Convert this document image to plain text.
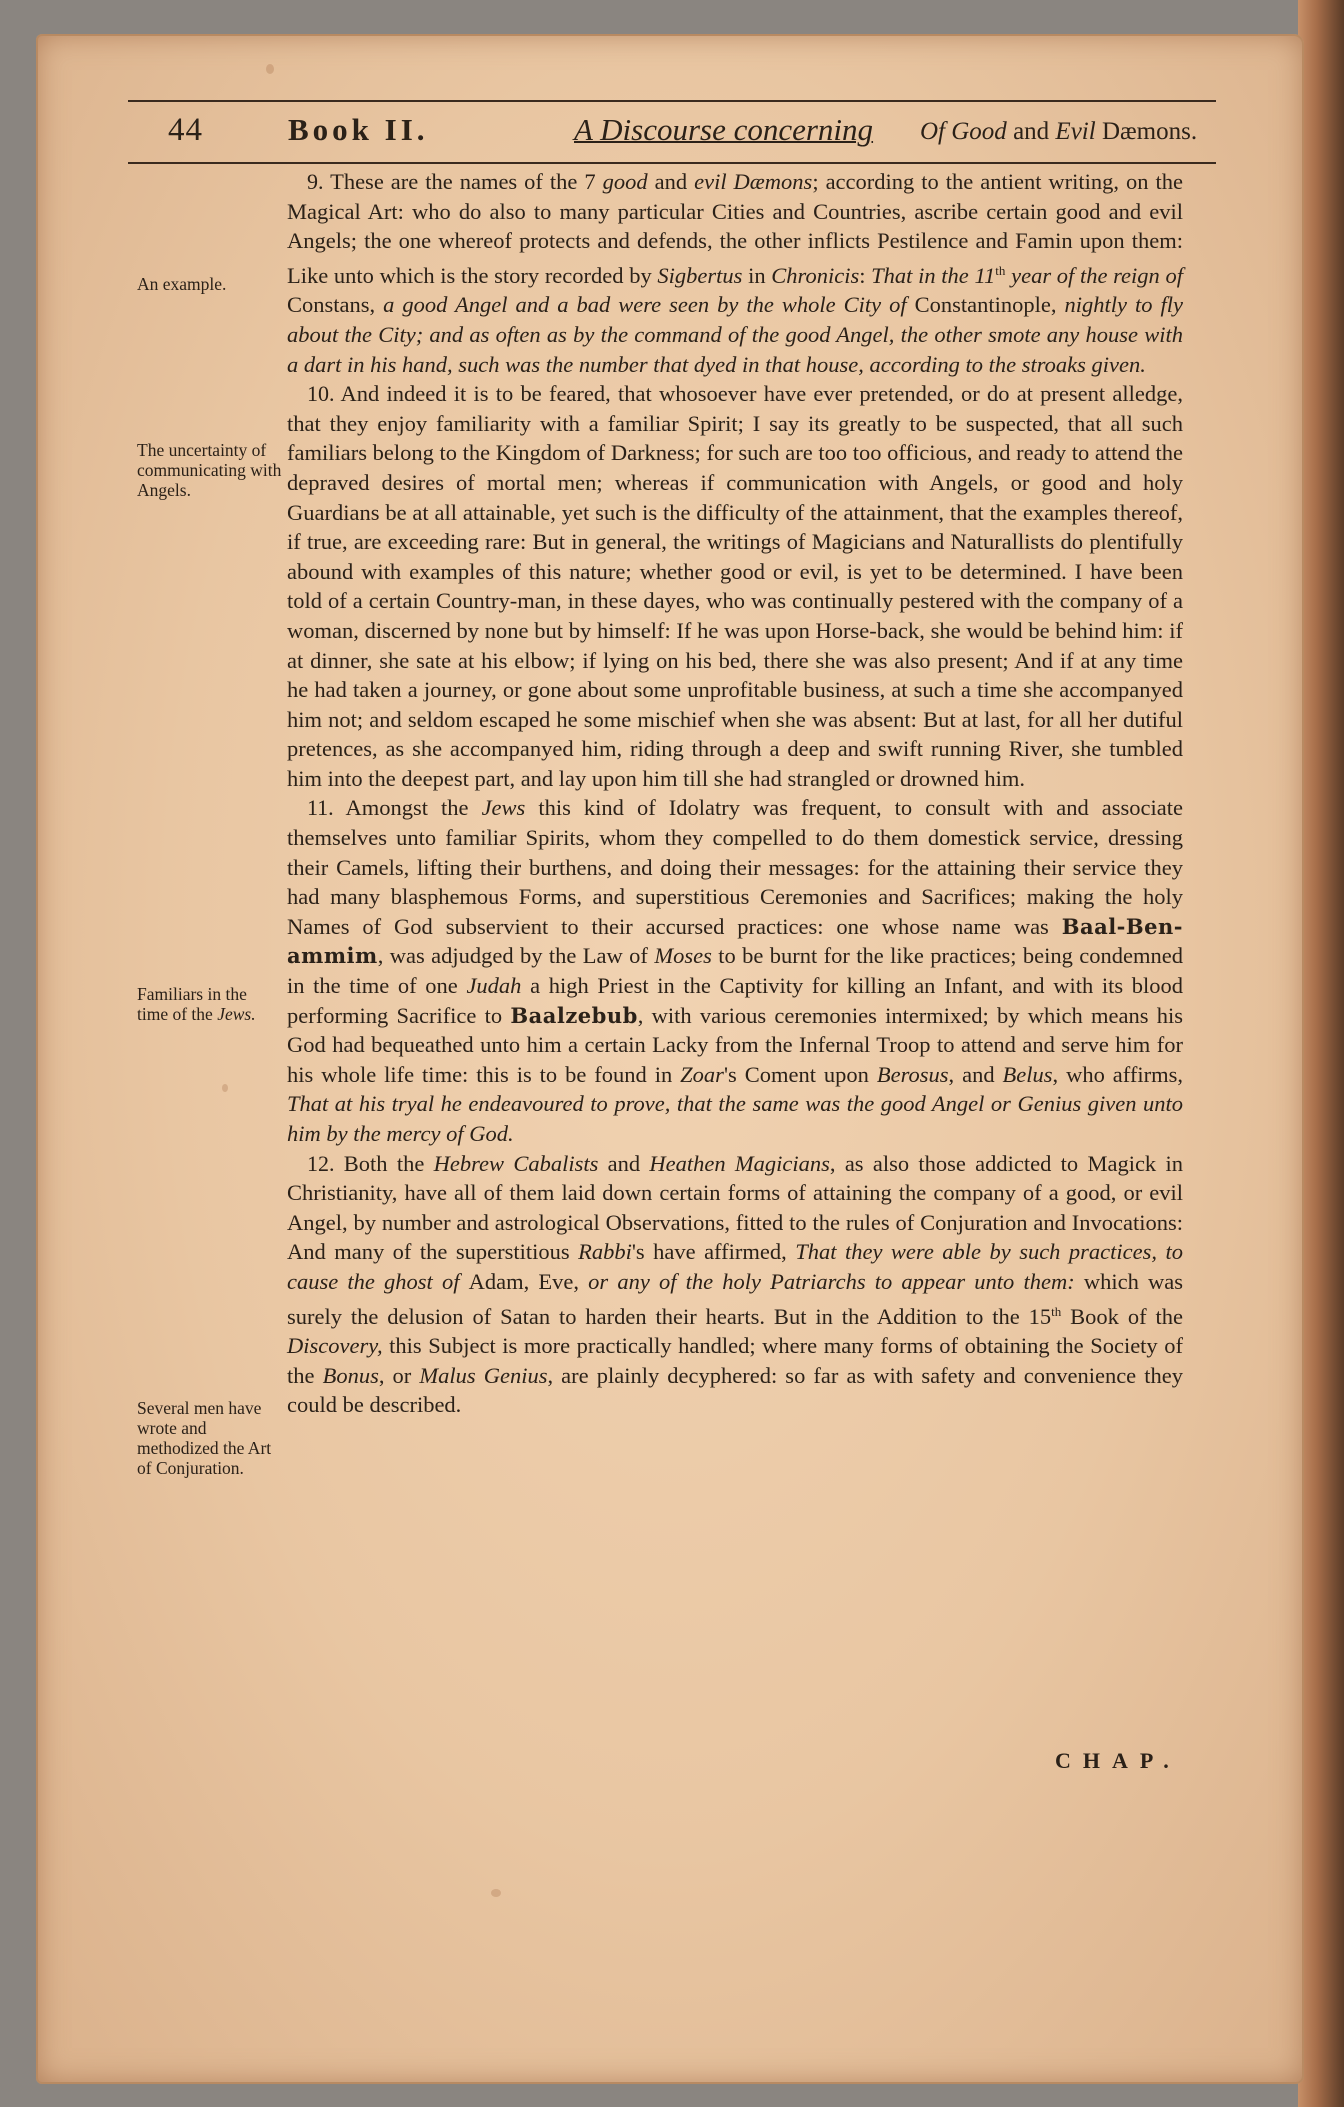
44	Book II.	A Discourse concerning Of Good and Evil Dæmons.
An example.
The uncertainty of communicating with Angels.
Familiars in the time of the Jews.
Several men have wrote and methodized the Art of Conjuration.

9. These are the names of the 7 good and evil Dæmons; according to the antient writing, on the Magical Art: who do also to many particular Cities and Countries, ascribe certain good and evil Angels; the one whereof protects and defends, the other inflicts Pestilence and Famin upon them: Like unto which is the story recorded by Sigbertus in Chronicis: That in the 11th year of the reign of Constans, a good Angel and a bad were seen by the whole City of Constantinople, nightly to fly about the City; and as often as by the command of the good Angel, the other smote any house with a dart in his hand, such was the number that dyed in that house, according to the stroaks given.

10. And indeed it is to be feared, that whosoever have ever pretended, or do at present alledge, that they enjoy familiarity with a familiar Spirit; I say its greatly to be suspected, that all such familiars belong to the Kingdom of Darkness; for such are too too officious, and ready to attend the depraved desires of mortal men; whereas if communication with Angels, or good and holy Guardians be at all attainable, yet such is the difficulty of the attainment, that the examples thereof, if true, are exceeding rare: But in general, the writings of Magicians and Naturallists do plentifully abound with examples of this nature; whether good or evil, is yet to be determined. I have been told of a certain Country-man, in these dayes, who was continually pestered with the company of a woman, discerned by none but by himself: If he was upon Horse-back, she would be behind him: if at dinner, she sate at his elbow; if lying on his bed, there she was also present; And if at any time he had taken a journey, or gone about some unprofitable business, at such a time she accompanyed him not; and seldom escaped he some mischief when she was absent: But at last, for all her dutiful pretences, as she accompanyed him, riding through a deep and swift running River, she tumbled him into the deepest part, and lay upon him till she had strangled or drowned him.

11. Amongst the Jews this kind of Idolatry was frequent, to consult with and associate themselves unto familiar Spirits, whom they compelled to do them domestick service, dressing their Camels, lifting their burthens, and doing their messages: for the attaining their service they had many blasphemous Forms, and superstitious Ceremonies and Sacrifices; making the holy Names of God subservient to their accursed practices: one whose name was Baal-Ben-ammim, was adjudged by the Law of Moses to be burnt for the like practices; being condemned in the time of one Judah a high Priest in the Captivity for killing an Infant, and with its blood performing Sacrifice to Baalzebub, with various ceremonies intermixed; by which means his God had bequeathed unto him a certain Lacky from the Infernal Troop to attend and serve him for his whole life time: this is to be found in Zoar's Coment upon Berosus, and Belus, who affirms, That at his tryal he endeavoured to prove, that the same was the good Angel or Genius given unto him by the mercy of God.

12. Both the Hebrew Cabalists and Heathen Magicians, as also those addicted to Magick in Christianity, have all of them laid down certain forms of attaining the company of a good, or evil Angel, by number and astrological Observations, fitted to the rules of Conjuration and Invocations: And many of the superstitious Rabbi's have affirmed, That they were able by such practices, to cause the ghost of Adam, Eve, or any of the holy Patriarchs to appear unto them: which was surely the delusion of Satan to harden their hearts. But in the Addition to the 15th Book of the Discovery, this Subject is more practically handled; where many forms of obtaining the Society of the Bonus, or Malus Genius, are plainly decyphered: so far as with safety and convenience they could be described.

CHAP.
